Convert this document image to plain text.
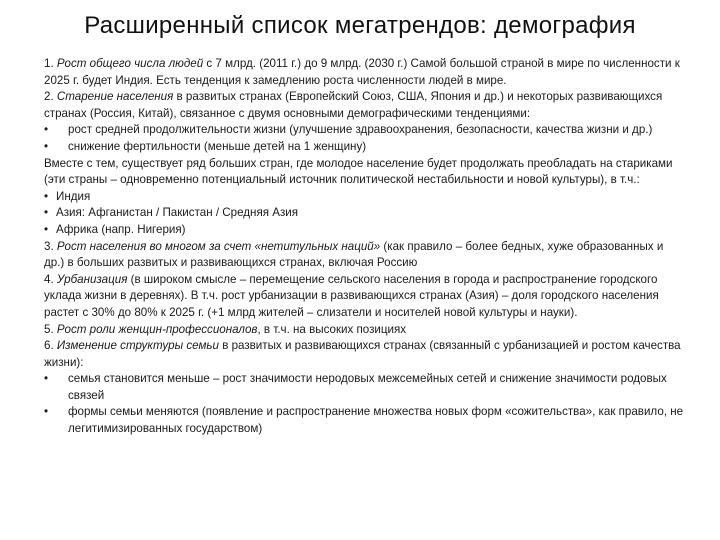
Расширенный список мегатрендов: демография

1. Рост общего числа людей с 7 млрд. (2011 г.) до 9 млрд. (2030 г.) Самой большой страной в мире по численности к 2025 г. будет Индия. Есть тенденция к замедлению роста численности людей в мире.

2. Старение населения в развитых странах (Европейский Союз, США, Япония и др.) и некоторых развивающихся странах (Россия, Китай), связанное с двумя основными демографическими тенденциями:

• рост средней продолжительности жизни (улучшение здравоохранения, безопасности, качества жизни и др.)
• снижение фертильности (меньше детей на 1 женщину)

Вместе с тем, существует ряд больших стран, где молодое население будет продолжать преобладать на стариками (эти страны – одновременно потенциальный источник политической нестабильности и новой культуры), в т.ч.:

• Индия
• Азия: Афганистан / Пакистан / Средняя Азия
• Африка (напр. Нигерия)

3. Рост населения во многом за счет «нетитульных наций» (как правило – более бедных, хуже образованных и др.) в больших развитых и развивающихся странах, включая Россию

4. Урбанизация (в широком смысле – перемещение сельского населения в города и распространение городского уклада жизни в деревнях). В т.ч. рост урбанизации в развивающихся странах (Азия) – доля городского населения растет с 30% до 80% к 2025 г. (+1 млрд жителей – слизатели и носителей новой культуры и науки).

5. Рост роли женщин-профессионалов, в т.ч. на высоких позициях

6. Изменение структуры семьи в развитых и развивающихся странах (связанный с урбанизацией и ростом качества жизни):

• семья становится меньше – рост значимости неродовых межсемейных сетей и снижение значимости родовых связей
• формы семьи меняются (появление и распространение множества новых форм «сожительства», как правило, не легитимизированных государством)
